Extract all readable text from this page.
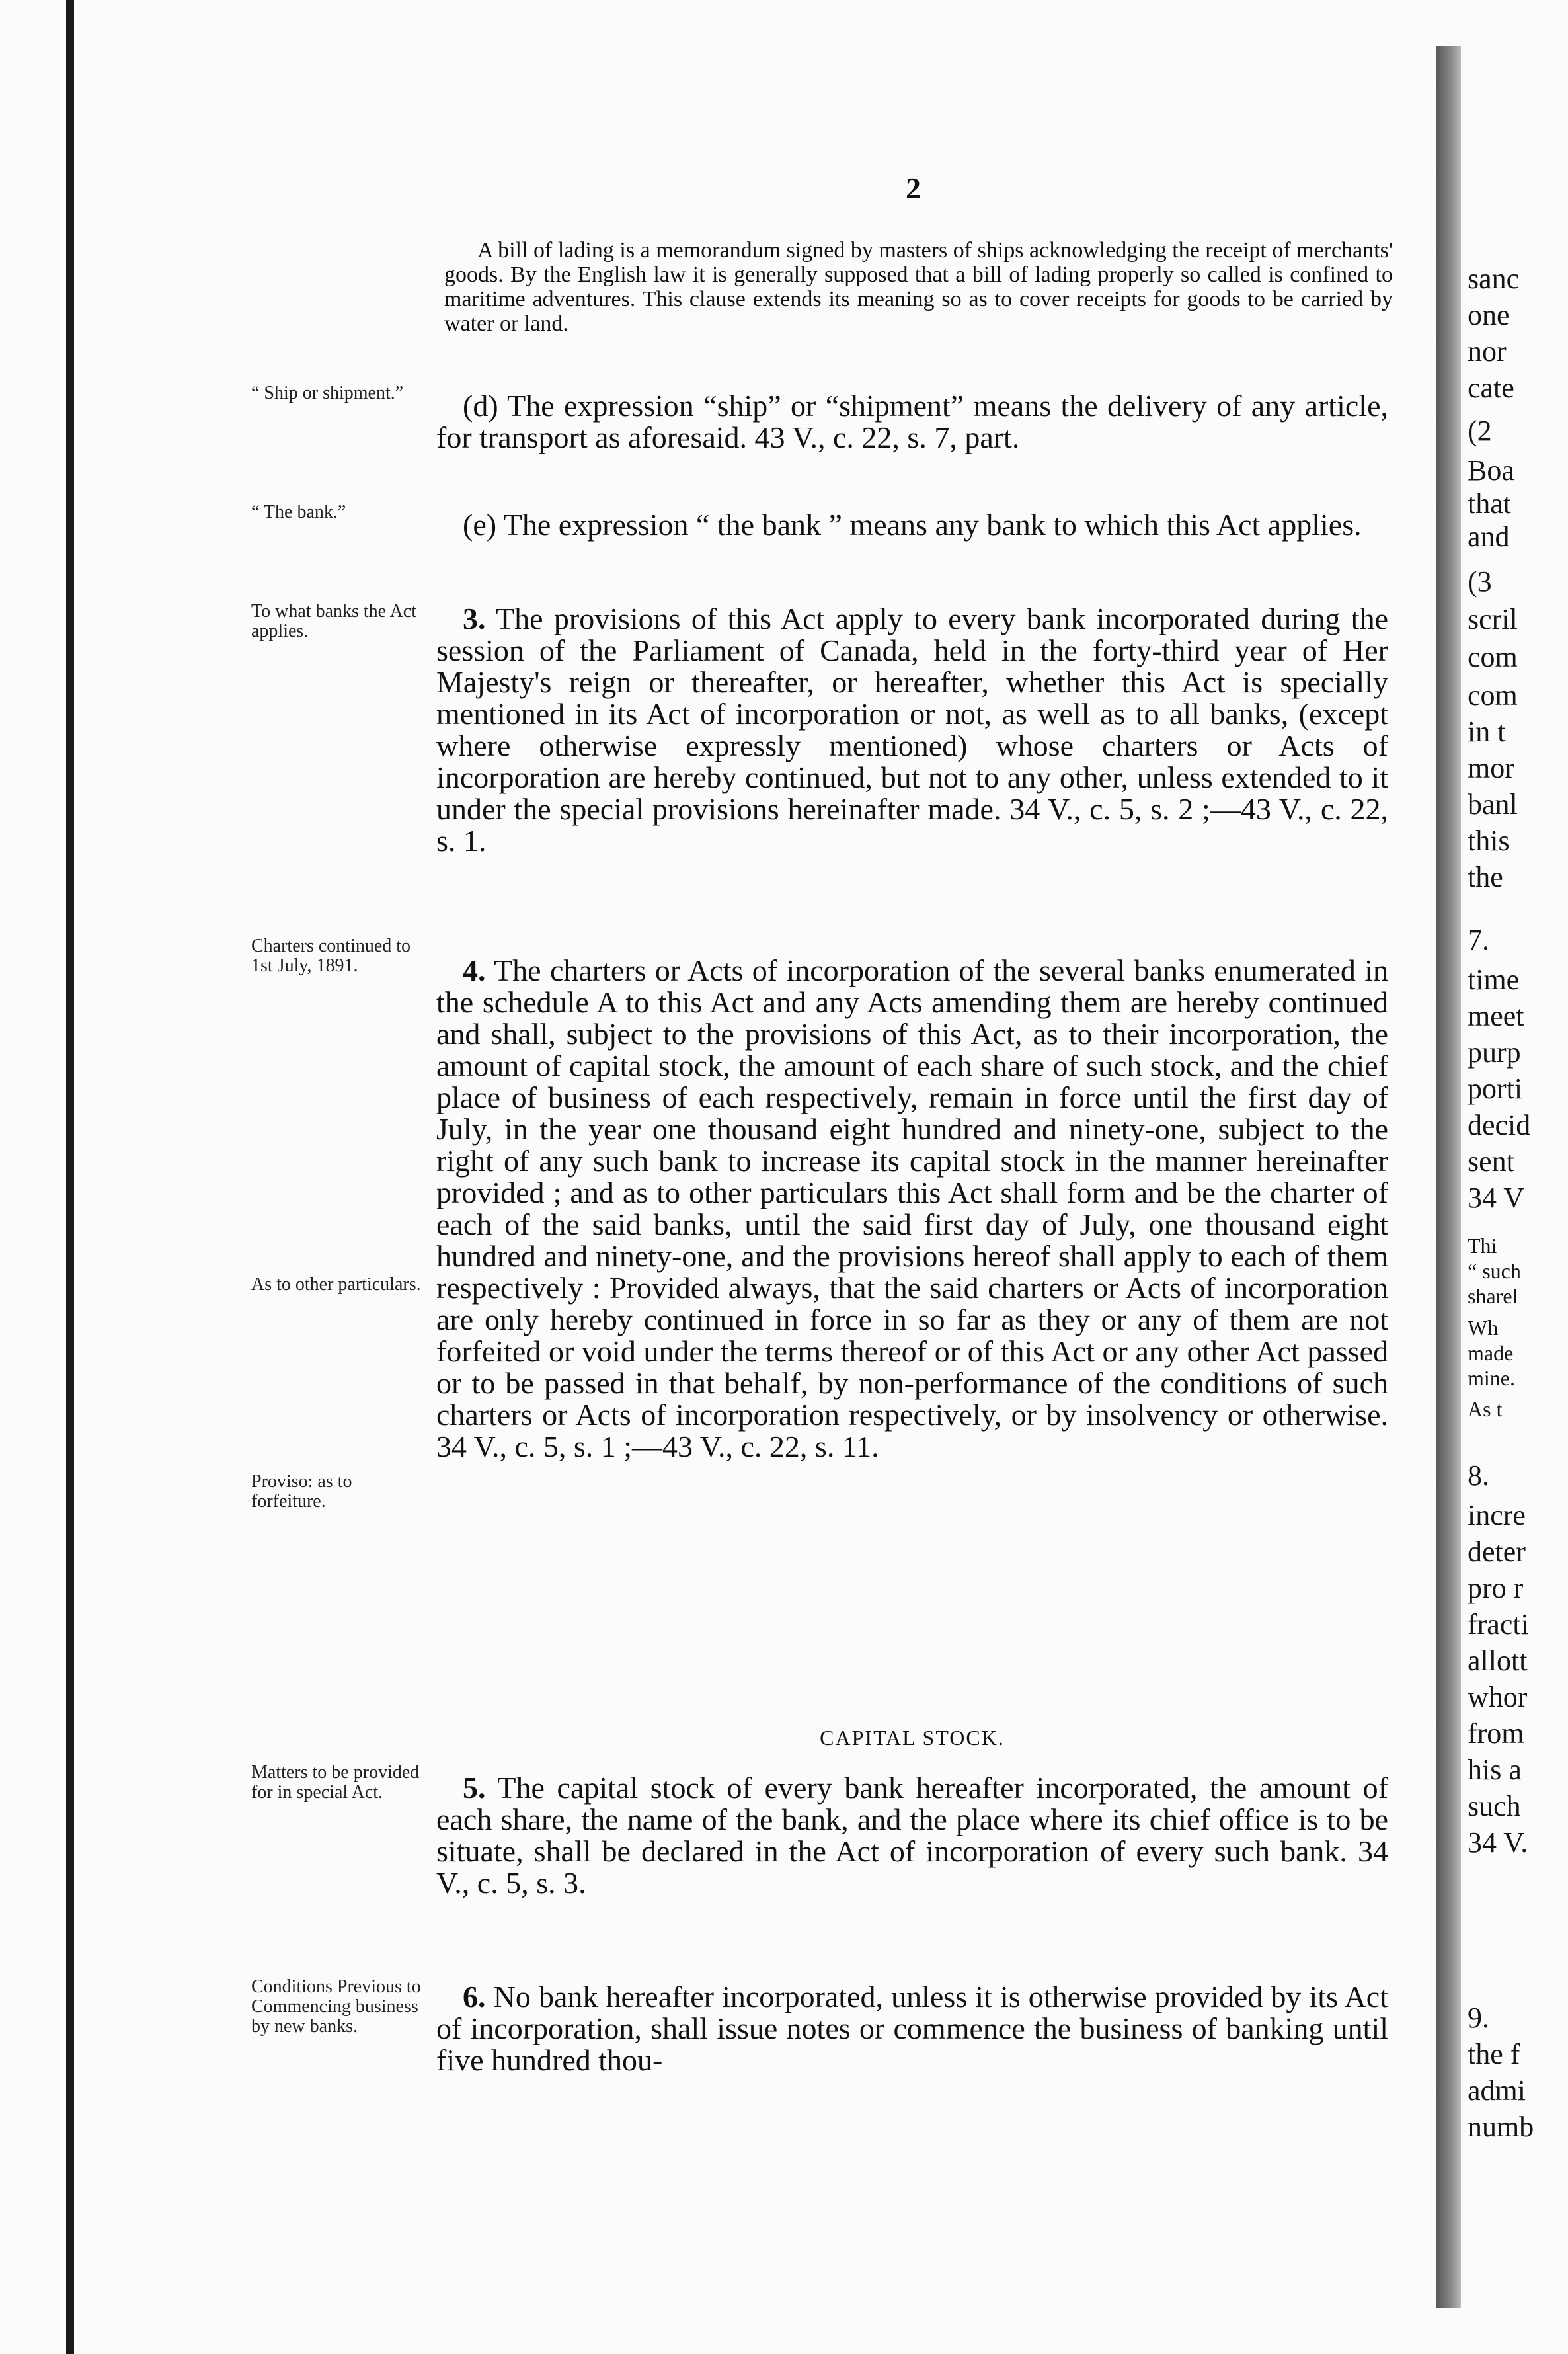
2

A bill of lading is a memorandum signed by masters of ships acknowledging the receipt of merchants' goods. By the English law it is generally supposed that a bill of lading properly so called is confined to maritime adventures. This clause extends its meaning so as to cover receipts for goods to be carried by water or land.

“ Ship or shipment.”
“ The bank.”
To what banks the Act applies.
Charters continued to 1st July, 1891.
As to other particulars.
Proviso: as to forfeiture.
Matters to be provided for in special Act.
Conditions Previous to Commencing business by new banks.

(d) The expression “ship” or “shipment” means the delivery of any article, for transport as aforesaid. 43 V., c. 22, s. 7, part.

(e) The expression “ the bank ” means any bank to which this Act applies.

3. The provisions of this Act apply to every bank incorporated during the session of the Parliament of Canada, held in the forty-third year of Her Majesty's reign or thereafter, or hereafter, whether this Act is specially mentioned in its Act of incorporation or not, as well as to all banks, (except where otherwise expressly mentioned) whose charters or Acts of incorporation are hereby continued, but not to any other, unless extended to it under the special provisions hereinafter made. 34 V., c. 5, s. 2 ;—43 V., c. 22, s. 1.

4. The charters or Acts of incorporation of the several banks enumerated in the schedule A to this Act and any Acts amending them are hereby continued and shall, subject to the provisions of this Act, as to their incorporation, the amount of capital stock, the amount of each share of such stock, and the chief place of business of each respectively, remain in force until the first day of July, in the year one thousand eight hundred and ninety-one, subject to the right of any such bank to increase its capital stock in the manner hereinafter provided ; and as to other particulars this Act shall form and be the charter of each of the said banks, until the said first day of July, one thousand eight hundred and ninety-one, and the provisions hereof shall apply to each of them respectively : Provided always, that the said charters or Acts of incorporation are only hereby continued in force in so far as they or any of them are not forfeited or void under the terms thereof or of this Act or any other Act passed or to be passed in that behalf, by non-performance of the conditions of such charters or Acts of incorporation respectively, or by insolvency or otherwise. 34 V., c. 5, s. 1 ;—43 V., c. 22, s. 11.

CAPITAL STOCK.

5. The capital stock of every bank hereafter incorporated, the amount of each share, the name of the bank, and the place where its chief office is to be situate, shall be declared in the Act of incorporation of every such bank. 34 V., c. 5, s. 3.

6. No bank hereafter incorporated, unless it is otherwise provided by its Act of incorporation, shall issue notes or commence the business of banking until five hundred thou-

sanc
one
nor
cate
(2
Boa
that
and
(3
scril
com
com
in t
mor
banl
this
the
7.
time
meet
purp
porti
decid
sent
34 V
Thi
“ such
sharel
Wh
made
mine.
As t
8.
incre
deter
pro r
fracti
allott
whor
from
his a
such
34 V.
9.
the f
admi
numb
